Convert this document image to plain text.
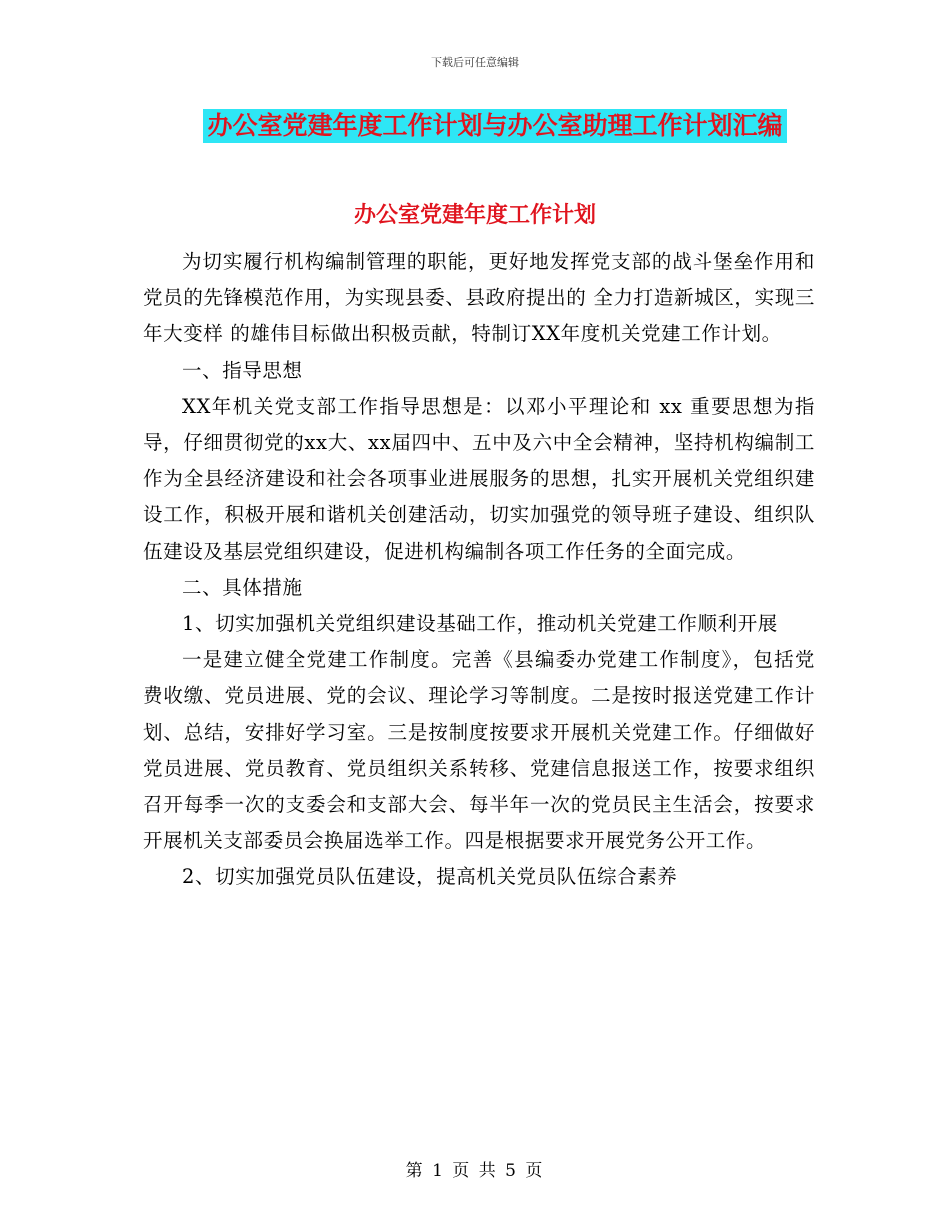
下载后可任意编辑
办公室党建年度工作计划与办公室助理工作计划汇编
办公室党建年度工作计划

为切实履行机构编制管理的职能，更好地发挥党支部的战斗堡垒作用和党员的先锋模范作用，为实现县委、县政府提出的 全力打造新城区，实现三年大变样 的雄伟目标做出积极贡献，特制订XX年度机关党建工作计划。

一、指导思想

XX年机关党支部工作指导思想是：以邓小平理论和 xx 重要思想为指导，仔细贯彻党的xx大、xx届四中、五中及六中全会精神，坚持机构编制工作为全县经济建设和社会各项事业进展服务的思想，扎实开展机关党组织建设工作，积极开展和谐机关创建活动，切实加强党的领导班子建设、组织队伍建设及基层党组织建设，促进机构编制各项工作任务的全面完成。

二、具体措施

1、切实加强机关党组织建设基础工作，推动机关党建工作顺利开展

一是建立健全党建工作制度。完善《县编委办党建工作制度》，包括党费收缴、党员进展、党的会议、理论学习等制度。二是按时报送党建工作计划、总结，安排好学习室。三是按制度按要求开展机关党建工作。仔细做好党员进展、党员教育、党员组织关系转移、党建信息报送工作，按要求组织召开每季一次的支委会和支部大会、每半年一次的党员民主生活会，按要求开展机关支部委员会换届选举工作。四是根据要求开展党务公开工作。

2、切实加强党员队伍建设，提高机关党员队伍综合素养

第 1 页 共 5 页
